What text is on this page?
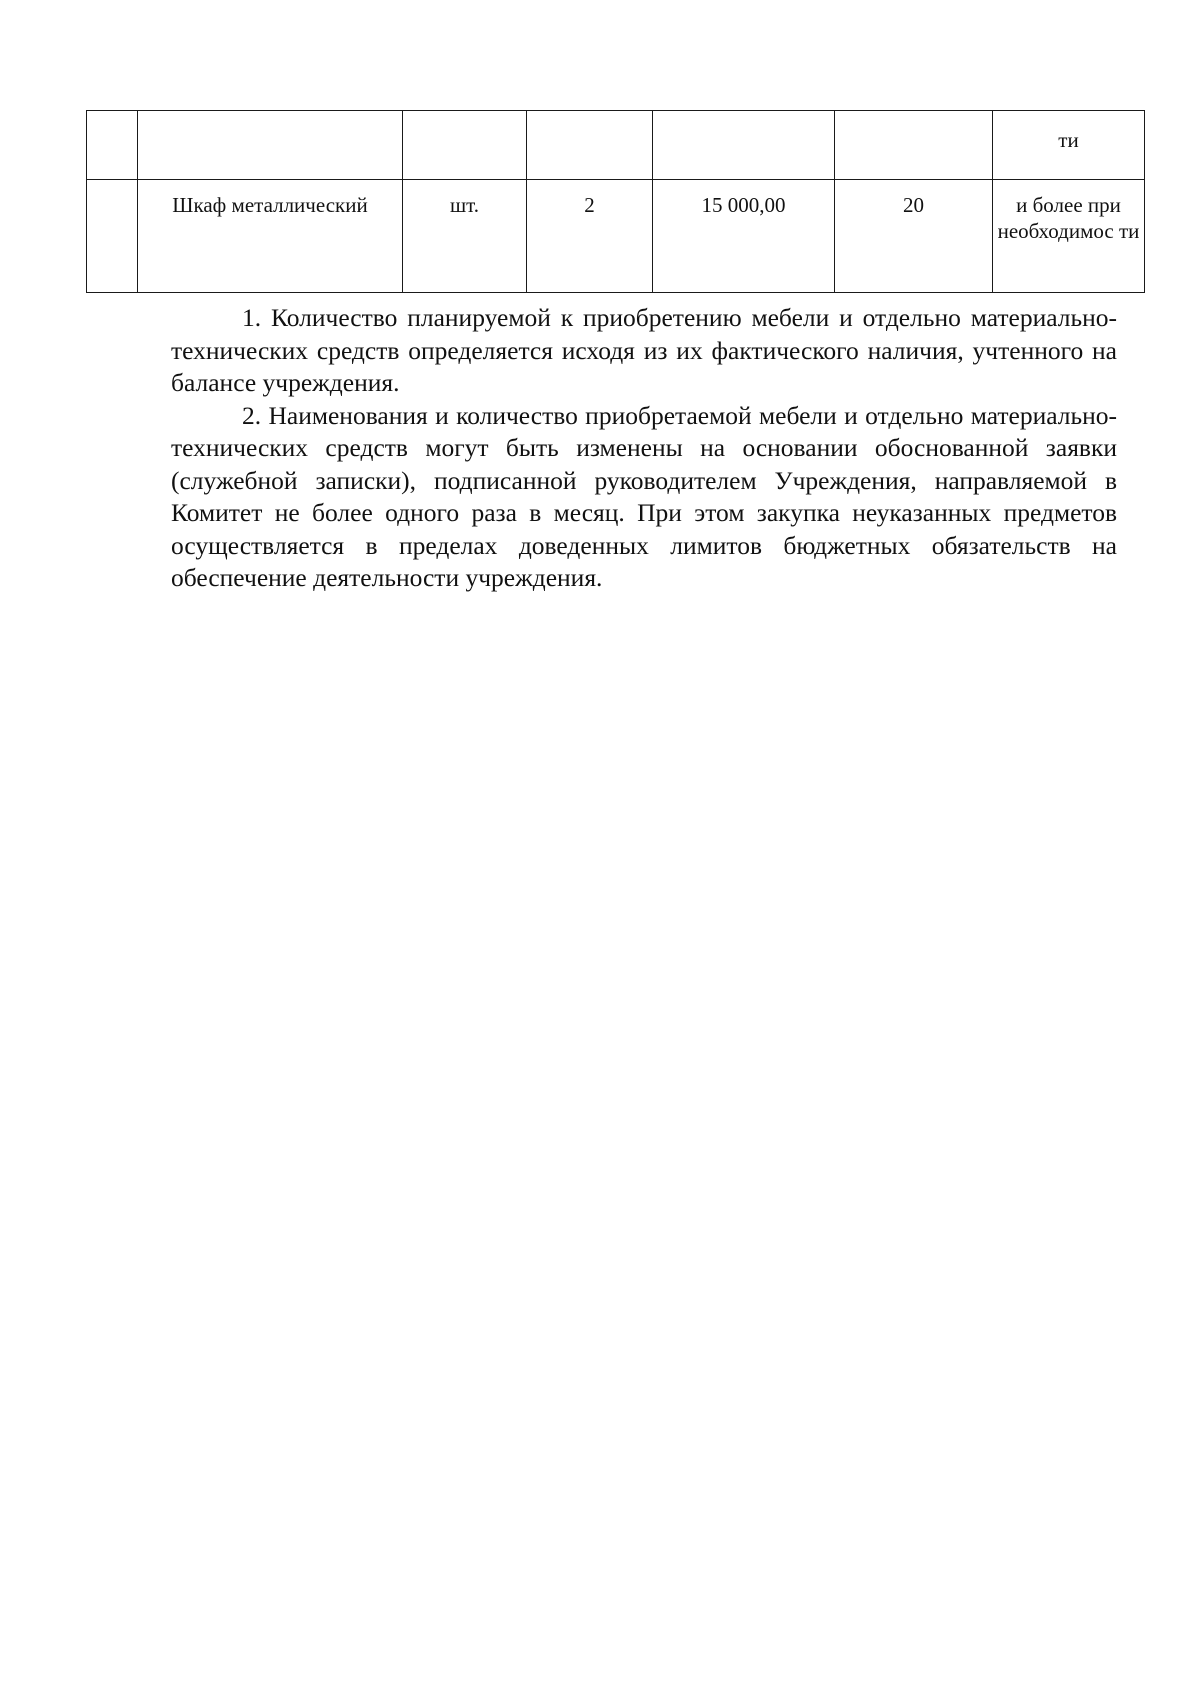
						ти
	Шкаф металлический	шт.	2	15 000,00	20	и более при необходимос ти

1. Количество планируемой к приобретению мебели и отдельно материально-технических средств определяется исходя из их фактического наличия, учтенного на балансе учреждения.

2. Наименования и количество приобретаемой мебели и отдельно материально-технических средств могут быть изменены на основании обоснованной заявки (служебной записки), подписанной руководителем Учреждения, направляемой в Комитет не более одного раза в месяц. При этом закупка неуказанных предметов осуществляется в пределах доведенных лимитов бюджетных обязательств на обеспечение деятельности учреждения.
